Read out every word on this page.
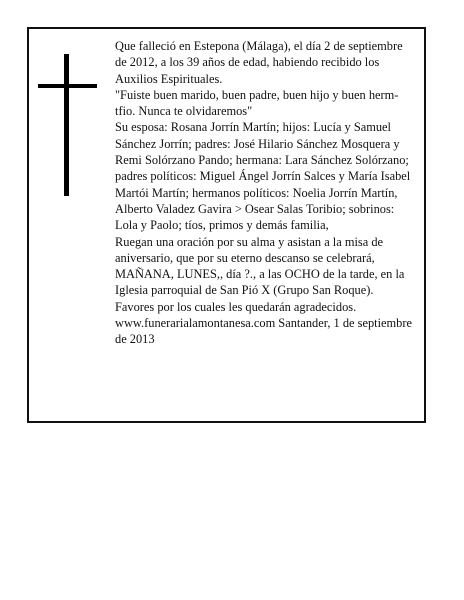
Que falleció en Estepona (Málaga), el día 2 de septiembre de 2012, a los 39 años de edad, habiendo recibido los Auxilios Espirituales.

"Fuiste buen marido, buen padre, buen hijo y buen herm-tfio. Nunca te olvidaremos"

Su esposa: Rosana Jorrín Martín; hijos: Lucía y Samuel Sánchez Jorrín; padres: José Hilario Sánchez Mosquera y Remi Solórzano Pando; hermana: Lara Sánchez Solórzano; padres políticos: Miguel Ángel Jorrín Salces y María Isabel Martói Martín; hermanos políticos: Noelia Jorrín Martín, Alberto Valadez Gavira > Osear Salas Toribio; sobrinos: Lola y Paolo; tíos, primos y demás familia,

Ruegan una oración por su alma y asistan a la misa de aniversario, que por su eterno descanso se celebrará, MAÑANA, LUNES,, día ?., a las OCHO de la tarde, en la Iglesia parroquial de San Pió X (Grupo San Roque).

Favores por los cuales les quedarán agradecidos.

www.funerarialamontanesa.com Santander, 1 de septiembre de 2013
